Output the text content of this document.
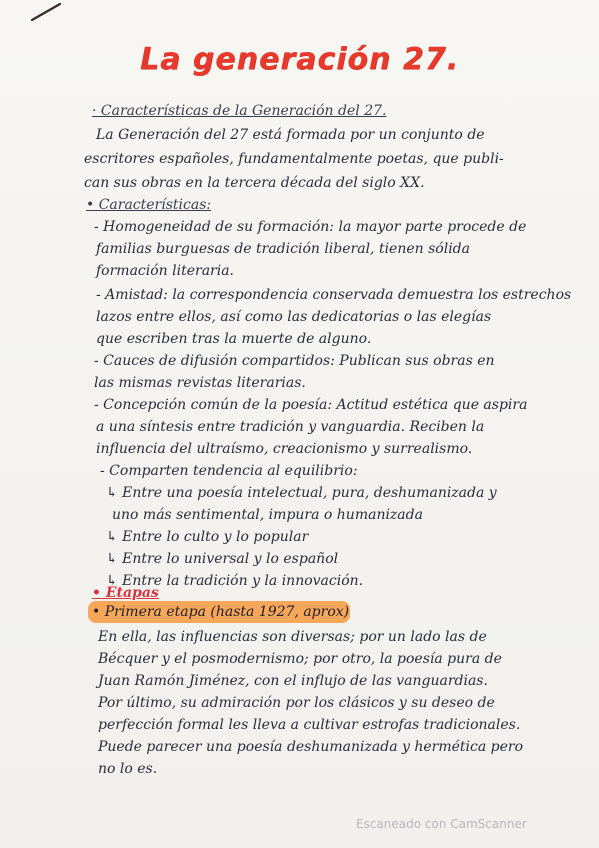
La generación 27.
· Características de la Generación del 27.
La Generación del 27 está formada por un conjunto de
escritores españoles, fundamentalmente poetas, que publi-
can sus obras en la tercera década del siglo XX.
• Características:
- Homogeneidad de su formación: la mayor parte procede de
familias burguesas de tradición liberal, tienen sólida
formación literaria.
- Amistad: la correspondencia conservada demuestra los estrechos
lazos entre ellos, así como las dedicatorias o las elegías
que escriben tras la muerte de alguno.
- Cauces de difusión compartidos: Publican sus obras en
las mismas revistas literarias.
- Concepción común de la poesía: Actitud estética que aspira
a una síntesis entre tradición y vanguardia. Reciben la
influencia del ultraísmo, creacionismo y surrealismo.
- Comparten tendencia al equilibrio:
↳ Entre una poesía intelectual, pura, deshumanizada y
uno más sentimental, impura o humanizada
↳ Entre lo culto y lo popular
↳ Entre lo universal y lo español
↳ Entre la tradición y la innovación.
• Etapas
• Primera etapa (hasta 1927, aprox)
En ella, las influencias son diversas; por un lado las de
Bécquer y el posmodernismo; por otro, la poesía pura de
Juan Ramón Jiménez, con el influjo de las vanguardias.
Por último, su admiración por los clásicos y su deseo de
perfección formal les lleva a cultivar estrofas tradicionales.
Puede parecer una poesía deshumanizada y hermética pero
no lo es.
Escaneado con CamScanner
